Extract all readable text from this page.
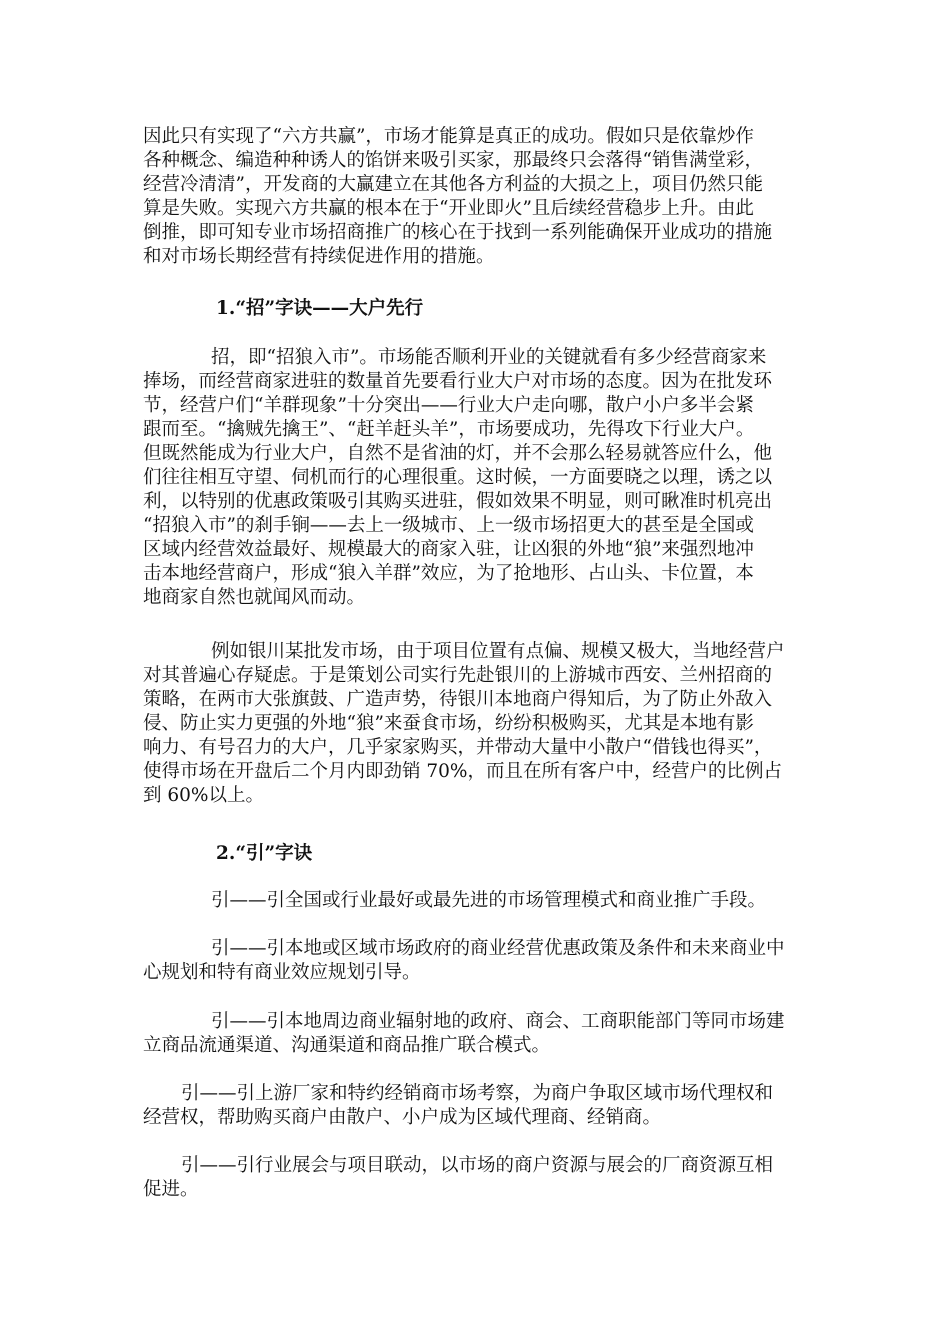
因此只有实现了“六方共赢”，市场才能算是真正的成功。假如只是依靠炒作
各种概念、编造种种诱人的馅饼来吸引买家，那最终只会落得“销售满堂彩，
经营冷清清”，开发商的大赢建立在其他各方利益的大损之上，项目仍然只能
算是失败。实现六方共赢的根本在于“开业即火”且后续经营稳步上升。由此
倒推，即可知专业市场招商推广的核心在于找到一系列能确保开业成功的措施
和对市场长期经营有持续促进作用的措施。
1.“招”字诀——大户先行
招，即“招狼入市”。市场能否顺利开业的关键就看有多少经营商家来
捧场，而经营商家进驻的数量首先要看行业大户对市场的态度。因为在批发环
节，经营户们“羊群现象”十分突出——行业大户走向哪，散户小户多半会紧
跟而至。“擒贼先擒王”、“赶羊赶头羊”，市场要成功，先得攻下行业大户。
但既然能成为行业大户，自然不是省油的灯，并不会那么轻易就答应什么，他
们往往相互守望、伺机而行的心理很重。这时候，一方面要晓之以理，诱之以
利，以特别的优惠政策吸引其购买进驻，假如效果不明显，则可瞅准时机亮出
“招狼入市”的刹手锏——去上一级城市、上一级市场招更大的甚至是全国或
区域内经营效益最好、规模最大的商家入驻，让凶狠的外地“狼”来强烈地冲
击本地经营商户，形成“狼入羊群”效应，为了抢地形、占山头、卡位置，本
地商家自然也就闻风而动。
例如银川某批发市场，由于项目位置有点偏、规模又极大，当地经营户
对其普遍心存疑虑。于是策划公司实行先赴银川的上游城市西安、兰州招商的
策略，在两市大张旗鼓、广造声势，待银川本地商户得知后，为了防止外敌入
侵、防止实力更强的外地“狼”来蚕食市场，纷纷积极购买，尤其是本地有影
响力、有号召力的大户，几乎家家购买，并带动大量中小散户“借钱也得买”，
使得市场在开盘后二个月内即劲销 70%，而且在所有客户中，经营户的比例占
到 60%以上。
2.“引”字诀
引——引全国或行业最好或最先进的市场管理模式和商业推广手段。
引——引本地或区域市场政府的商业经营优惠政策及条件和未来商业中
心规划和特有商业效应规划引导。
引——引本地周边商业辐射地的政府、商会、工商职能部门等同市场建
立商品流通渠道、沟通渠道和商品推广联合模式。
引——引上游厂家和特约经销商市场考察，为商户争取区域市场代理权和
经营权，帮助购买商户由散户、小户成为区域代理商、经销商。
引——引行业展会与项目联动，以市场的商户资源与展会的厂商资源互相
促进。
